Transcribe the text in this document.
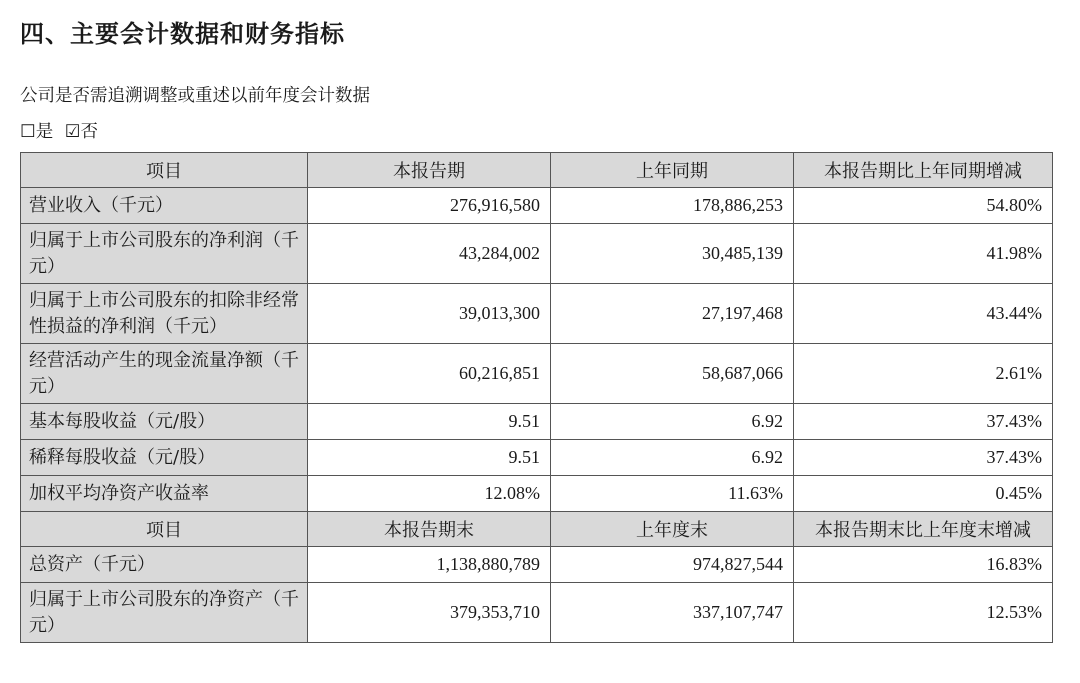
四、主要会计数据和财务指标
公司是否需追溯调整或重述以前年度会计数据
☐是 ☑否
项目	本报告期	上年同期	本报告期比上年同期增减
营业收入（千元）	276,916,580	178,886,253	54.80%
归属于上市公司股东的净利润（千元）	43,284,002	30,485,139	41.98%
归属于上市公司股东的扣除非经常性损益的净利润（千元）	39,013,300	27,197,468	43.44%
经营活动产生的现金流量净额（千元）	60,216,851	58,687,066	2.61%
基本每股收益（元/股）	9.51	6.92	37.43%
稀释每股收益（元/股）	9.51	6.92	37.43%
加权平均净资产收益率	12.08%	11.63%	0.45%
项目	本报告期末	上年度末	本报告期末比上年度末增减
总资产（千元）	1,138,880,789	974,827,544	16.83%
归属于上市公司股东的净资产（千元）	379,353,710	337,107,747	12.53%
